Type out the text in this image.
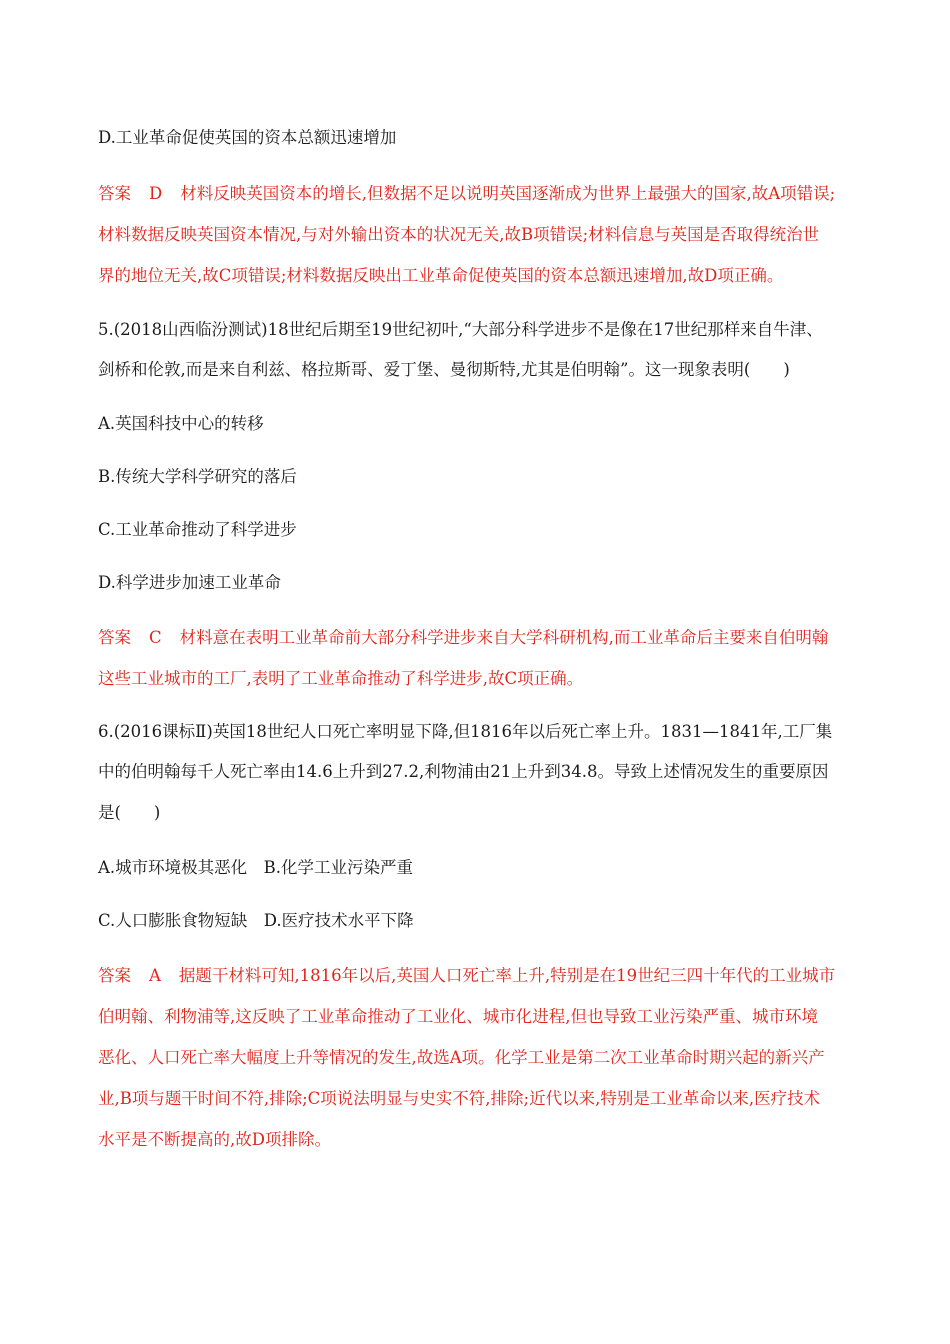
D.工业革命促使英国的资本总额迅速增加
答案 D 材料反映英国资本的增长,但数据不足以说明英国逐渐成为世界上最强大的国家,故A项错误;
材料数据反映英国资本情况,与对外输出资本的状况无关,故B项错误;材料信息与英国是否取得统治世
界的地位无关,故C项错误;材料数据反映出工业革命促使英国的资本总额迅速增加,故D项正确。
5.(2018山西临汾测试)18世纪后期至19世纪初叶,“大部分科学进步不是像在17世纪那样来自牛津、
剑桥和伦敦,而是来自利兹、格拉斯哥、爱丁堡、曼彻斯特,尤其是伯明翰”。这一现象表明(　　)
A.英国科技中心的转移
B.传统大学科学研究的落后
C.工业革命推动了科学进步
D.科学进步加速工业革命
答案 C 材料意在表明工业革命前大部分科学进步来自大学科研机构,而工业革命后主要来自伯明翰
这些工业城市的工厂,表明了工业革命推动了科学进步,故C项正确。
6.(2016课标Ⅱ)英国18世纪人口死亡率明显下降,但1816年以后死亡率上升。1831—1841年,工厂集
中的伯明翰每千人死亡率由14.6上升到27.2,利物浦由21上升到34.8。导致上述情况发生的重要原因
是(　　)
A.城市环境极其恶化　B.化学工业污染严重
C.人口膨胀食物短缺　D.医疗技术水平下降
答案 A 据题干材料可知,1816年以后,英国人口死亡率上升,特别是在19世纪三四十年代的工业城市
伯明翰、利物浦等,这反映了工业革命推动了工业化、城市化进程,但也导致工业污染严重、城市环境
恶化、人口死亡率大幅度上升等情况的发生,故选A项。化学工业是第二次工业革命时期兴起的新兴产
业,B项与题干时间不符,排除;C项说法明显与史实不符,排除;近代以来,特别是工业革命以来,医疗技术
水平是不断提高的,故D项排除。
